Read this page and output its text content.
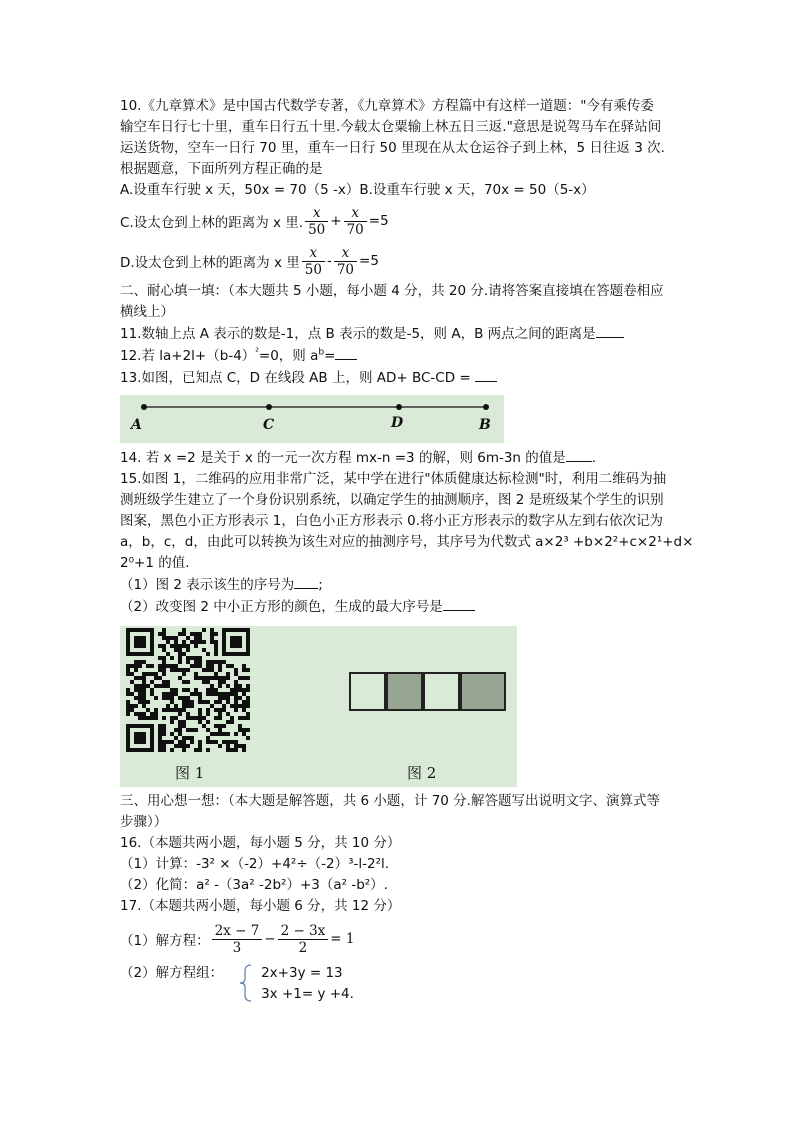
10.《九章算术》是中国古代数学专著，《九章算术》方程篇中有这样一道题："今有乘传委
输空车日行七十里，重车日行五十里.今载太仓粟输上林五日三返."意思是说驾马车在驿站间
运送货物，空车一日行 70 里，重车一日行 50 里现在从太仓运谷子到上林，5 日往返 3 次.
根据题意，下面所列方程正确的是
A.设重车行驶 x 天，50x = 70（5 -x）B.设重车行驶 x 天，70x = 50（5-x）
C.设太仓到上林的距离为 x 里. $\frac{x}{50} + \frac{x}{70} =5$
D.设太仓到上林的距离为 x 里 $\frac{x}{50} - \frac{x}{70} =5$
二、耐心填一填：（本大题共 5 小题，每小题 4 分，共 20 分.请将答案直接填在答题卷相应
横线上）
11.数轴上点 A 表示的数是-1，点 B 表示的数是-5，则 A，B 两点之间的距离是
12.若 $la+2l+(b-4)^{^2}=0$，则 $a^b=$
13.如图，已知点 C，D 在线段 AB 上，则 AD+ BC-CD =
A	C	D	B
14. 若 x =2 是关于 x 的一元一次方程 mx-n =3 的解，则 6m-3n 的值是 .
15.如图 1，二维码的应用非常广泛，某中学在进行"体质健康达标检测"时，利用二维码为抽
测班级学生建立了一个身份识别系统，以确定学生的抽测顺序，图 2 是班级某个学生的识别
图案，黑色小正方形表示 1，白色小正方形表示 0.将小正方形表示的数字从左到右依次记为
a，b，c，d，由此可以转换为该生对应的抽测序号，其序号为代数式 a×2³ +b×2²+c×2¹+d×
2⁰+1 的值.
（1）图 2 表示该生的序号为 ;
（2）改变图 2 中小正方形的颜色，生成的最大序号是
图 1	图 2
三、用心想一想：（本大题是解答题，共 6 小题，计 70 分.解答题写出说明文字、演算式等
步骤））
16.（本题共两小题，每小题 5 分，共 10 分）
（1）计算：-3² ×（-2）+4²÷（-2）³-l-2²l.
（2）化简：a² -（3a² -2b²）+3（a² -b²）.
17.（本题共两小题，每小题 6 分，共 12 分）
（1）解方程： $\frac{2x - 7}{3} - \frac{2 - 3x}{2} = 1$
（2）解方程组：	2x+3y = 13
3x +1= y +4.
